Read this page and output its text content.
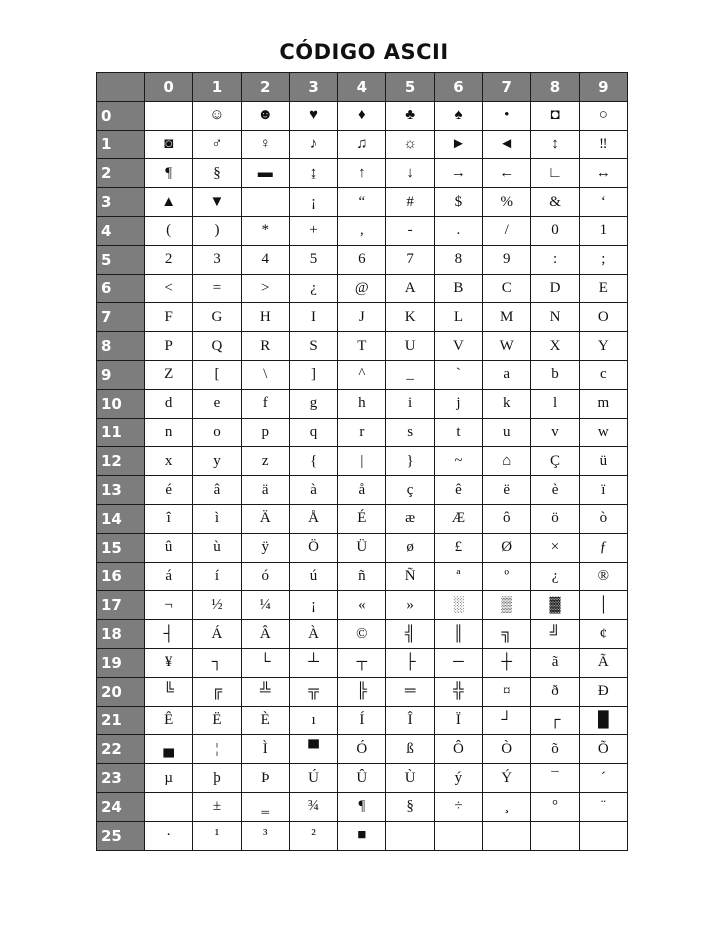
CÓDIGO ASCII
	0	1	2	3	4	5	6	7	8	9
0		☺	☻	♥	♦	♣	♠	•	◘	○
1	◙	♂	♀	♪	♫	☼	►	◄	↕	‼
2	¶	§	▬	↨	↑	↓	→	←	∟	↔
3	▲	▼		¡	“	#	$	%	&	‘
4	(	)	*	+	,	-	.	/	0	1
5	2	3	4	5	6	7	8	9	:	;
6	<	=	>	¿	@	A	B	C	D	E
7	F	G	H	I	J	K	L	M	N	O
8	P	Q	R	S	T	U	V	W	X	Y
9	Z	[	\	]	^	_	`	a	b	c
10	d	e	f	g	h	i	j	k	l	m
11	n	o	p	q	r	s	t	u	v	w
12	x	y	z	{	|	}	~	⌂	Ç	ü
13	é	â	ä	à	å	ç	ê	ë	è	ï
14	î	ì	Ä	Å	É	æ	Æ	ô	ö	ò
15	û	ù	ÿ	Ö	Ü	ø	£	Ø	×	ƒ
16	á	í	ó	ú	ñ	Ñ	ª	º	¿	®
17	¬	½	¼	¡	«	»	░	▒	▓	│
18	┤	Á	Â	À	©	╣	║	╗	╝	¢
19	¥	┐	└	┴	┬	├	─	┼	ã	Ã
20	╚	╔	╩	╦	╠	═	╬	¤	ð	Ð
21	Ê	Ë	È	ı	Í	Î	Ï	┘	┌	█
22	▄	¦	Ì	▀	Ó	ß	Ô	Ò	õ	Õ
23	µ	þ	Þ	Ú	Û	Ù	ý	Ý	¯	´
24		±	‗	¾	¶	§	÷	¸	°	¨
25	·	¹	³	²	■					
